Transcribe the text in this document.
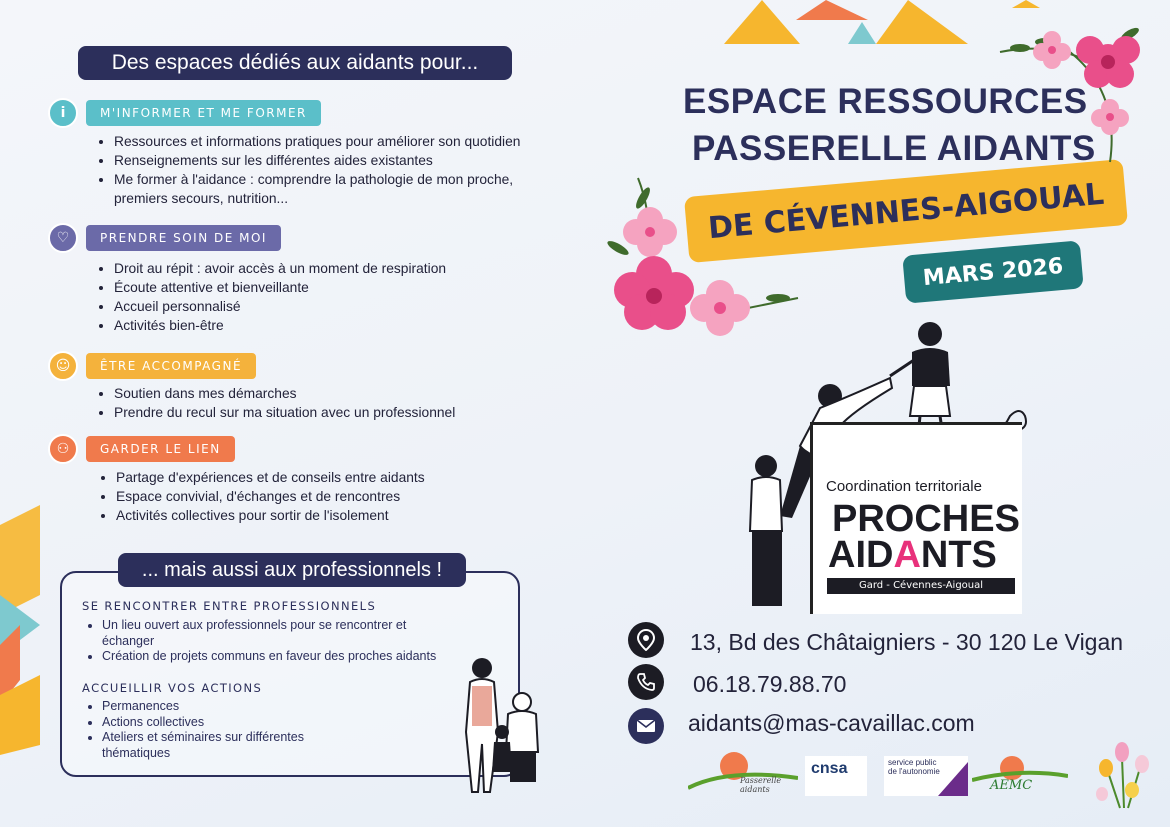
Des espaces dédiés aux aidants pour...
i	M'INFORMER ET ME FORMER
• Ressources et informations pratiques pour améliorer son quotidien
• Renseignements sur les différentes aides existantes
• Me former à l'aidance : comprendre la pathologie de mon proche,
premiers secours, nutrition...
♡	PRENDRE SOIN DE MOI
• Droit au répit : avoir accès à un moment de respiration
• Écoute attentive et bienveillante
• Accueil personnalisé
• Activités bien-être
☺	ÊTRE ACCOMPAGNÉ
• Soutien dans mes démarches
• Prendre du recul sur ma situation avec un professionnel
⚇	GARDER LE LIEN
• Partage d'expériences et de conseils entre aidants
• Espace convivial, d'échanges et de rencontres
• Activités collectives pour sortir de l'isolement
... mais aussi aux professionnels !
SE RENCONTRER ENTRE PROFESSIONNELS
• Un lieu ouvert aux professionnels pour se rencontrer et
échanger
• Création de projets communs en faveur des proches aidants
ACCUEILLIR VOS ACTIONS
• Permanences
• Actions collectives
• Ateliers et séminaires sur différentes
thématiques
ESPACE RESSOURCES
PASSERELLE AIDANTS
DE CÉVENNES-AIGOUAL
MARS 2026
Coordination territoriale
PROCHES
AIDANTS
Gard - Cévennes-Aigoual
13, Bd des Châtaigniers - 30 120 Le Vigan
06.18.79.88.70
aidants@mas-cavaillac.com
Passerelle aidants
cnsa	service public de l'autonomie
AEMC
